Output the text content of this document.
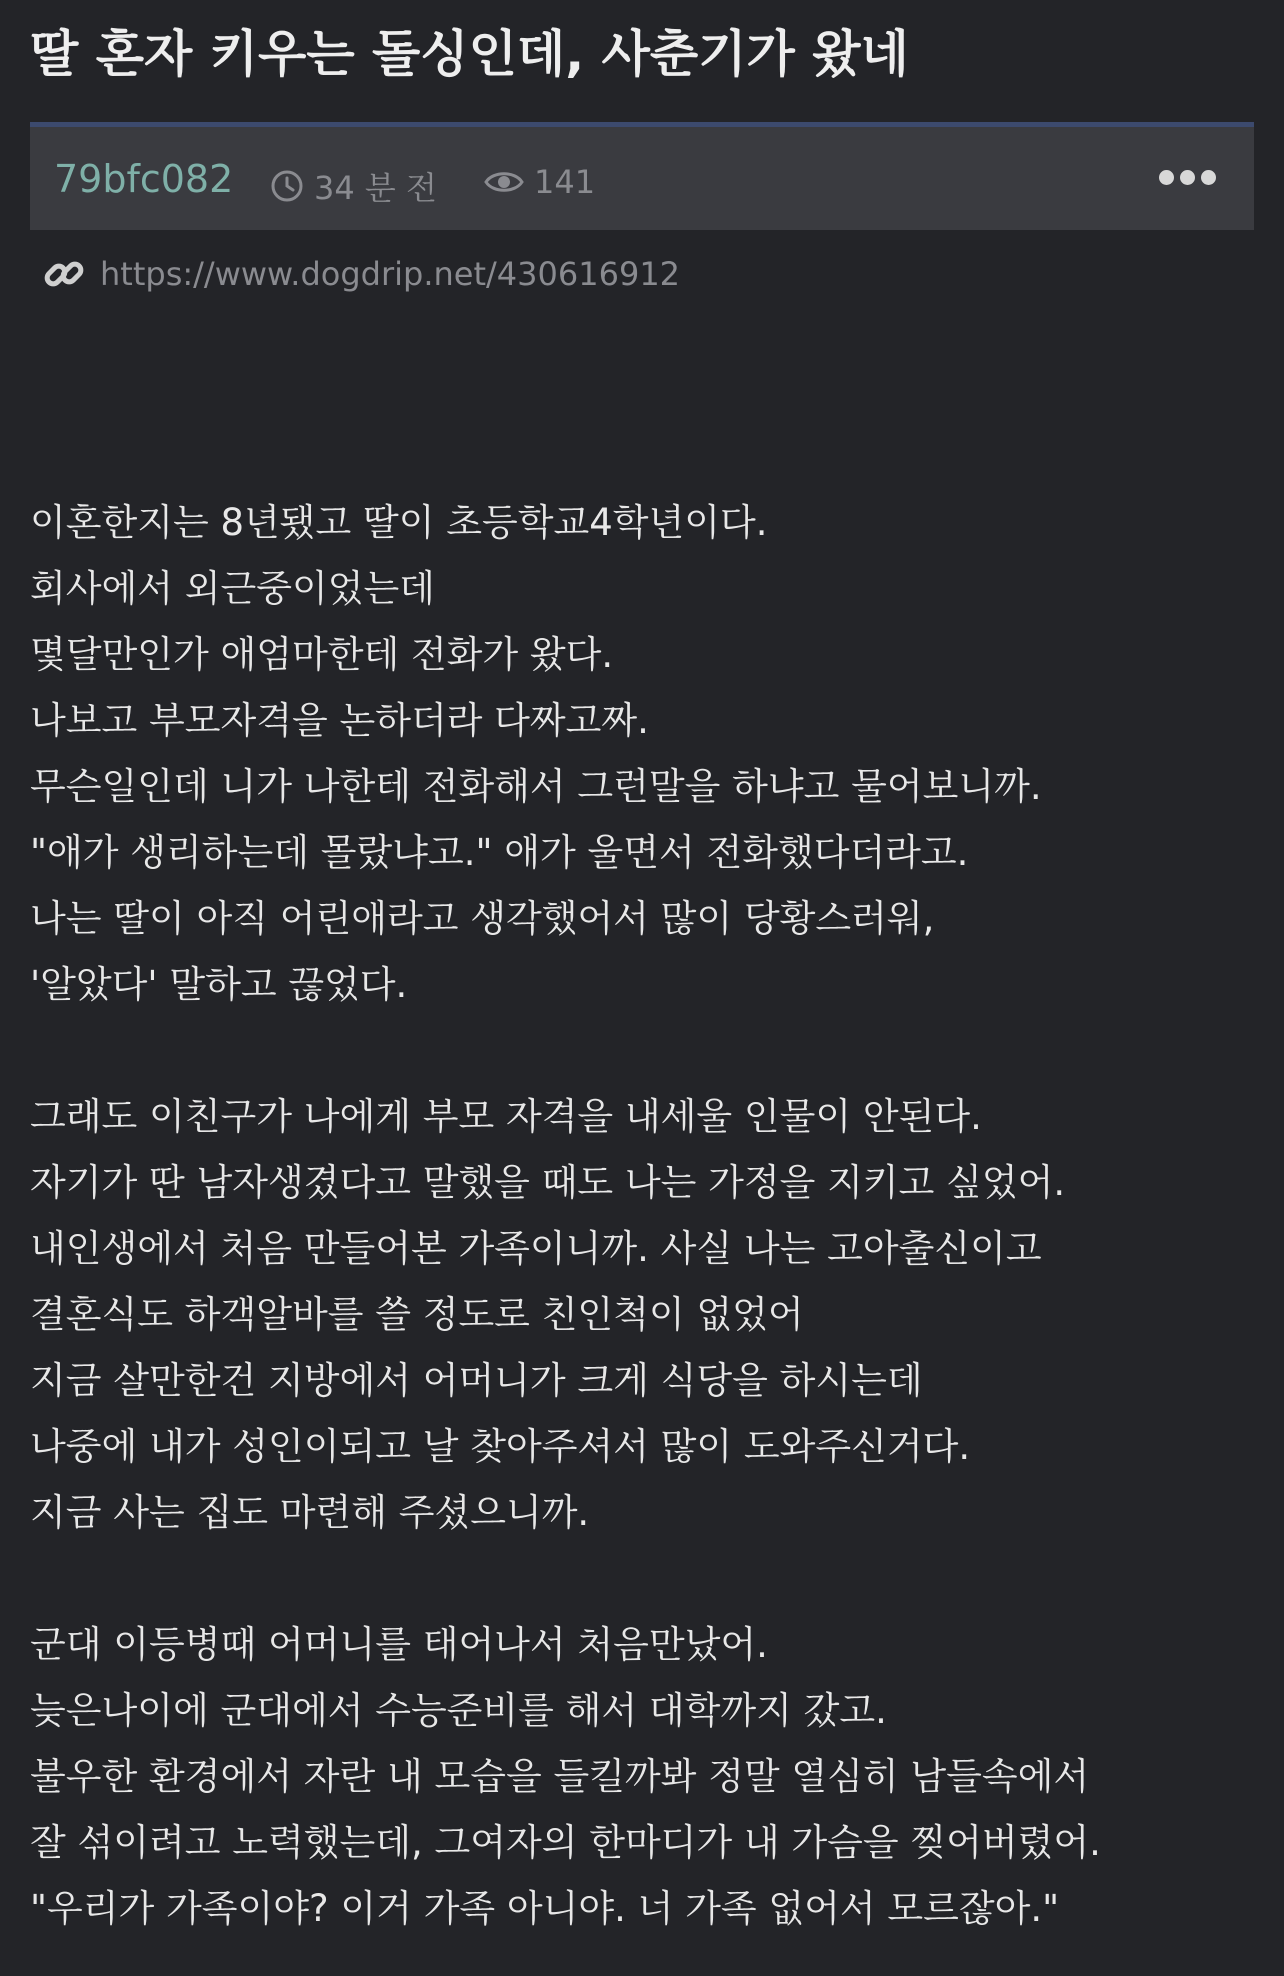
딸 혼자 키우는 돌싱인데, 사춘기가 왔네
79bfc082	34 분 전	141
https://www.dogdrip.net/430616912
이혼한지는 8년됐고 딸이 초등학교4학년이다.
회사에서 외근중이었는데
몇달만인가 애엄마한테 전화가 왔다.
나보고 부모자격을 논하더라 다짜고짜.
무슨일인데 니가 나한테 전화해서 그런말을 하냐고 물어보니까.
"애가 생리하는데 몰랐냐고." 애가 울면서 전화했다더라고.
나는 딸이 아직 어린애라고 생각했어서 많이 당황스러워,
'알았다' 말하고 끊었다.
그래도 이친구가 나에게 부모 자격을 내세울 인물이 안된다.
자기가 딴 남자생겼다고 말했을 때도 나는 가정을 지키고 싶었어.
내인생에서 처음 만들어본 가족이니까. 사실 나는 고아출신이고
결혼식도 하객알바를 쓸 정도로 친인척이 없었어
지금 살만한건 지방에서 어머니가 크게 식당을 하시는데
나중에 내가 성인이되고 날 찾아주셔서 많이 도와주신거다.
지금 사는 집도 마련해 주셨으니까.
군대 이등병때 어머니를 태어나서 처음만났어.
늦은나이에 군대에서 수능준비를 해서 대학까지 갔고.
불우한 환경에서 자란 내 모습을 들킬까봐 정말 열심히 남들속에서
잘 섞이려고 노력했는데, 그여자의 한마디가 내 가슴을 찢어버렸어.
"우리가 가족이야? 이거 가족 아니야. 너 가족 없어서 모르잖아."
